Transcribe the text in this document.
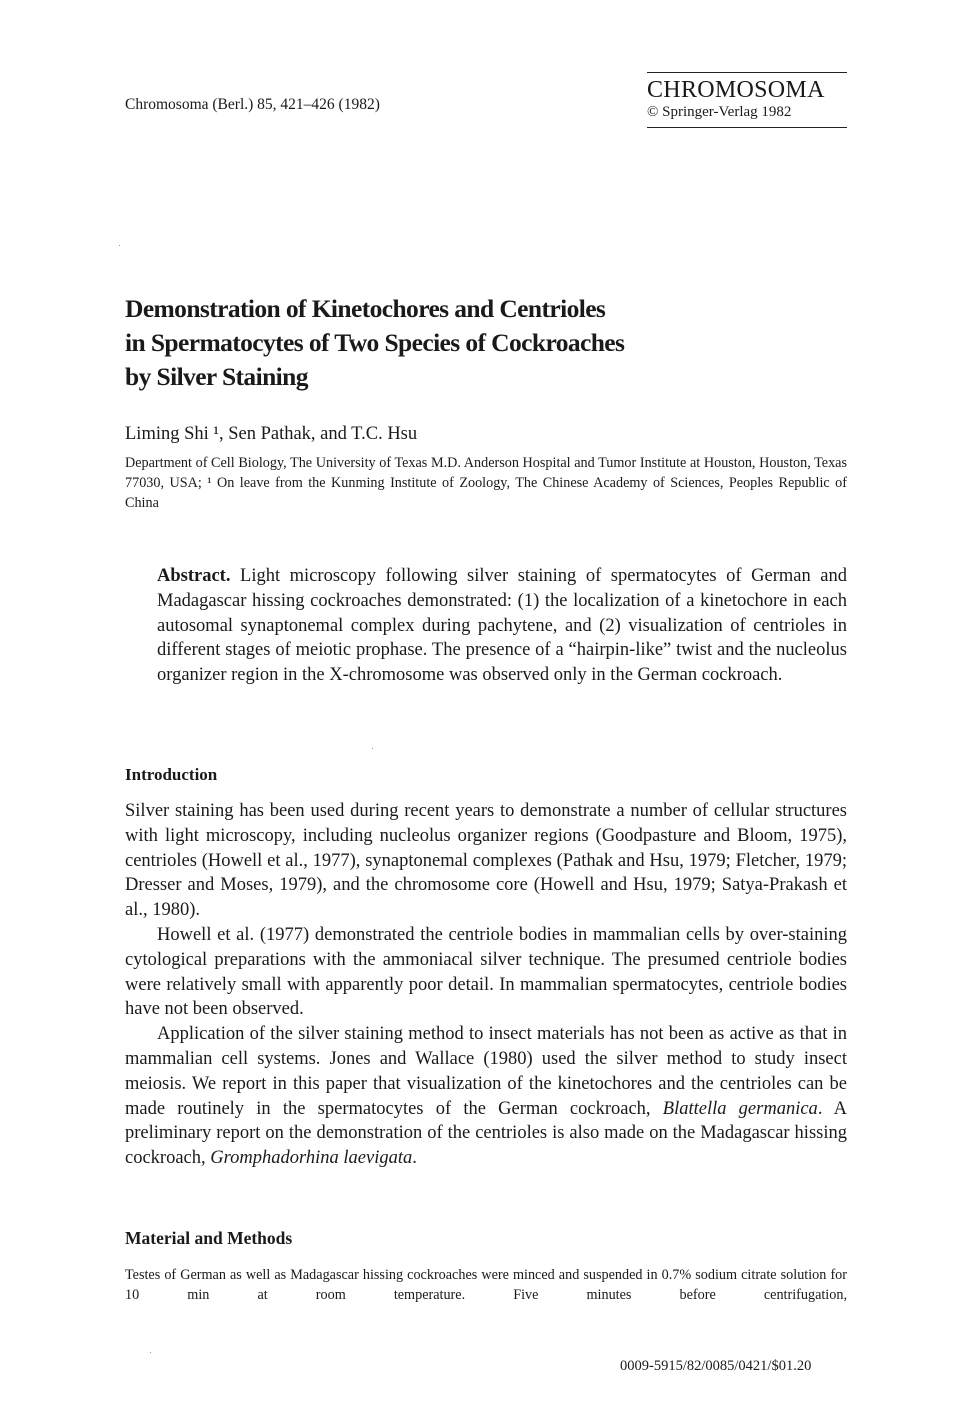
Chromosoma (Berl.) 85, 421–426 (1982)
CHROMOSOMA
© Springer-Verlag 1982
Demonstration of Kinetochores and Centrioles
in Spermatocytes of Two Species of Cockroaches
by Silver Staining
Liming Shi ¹, Sen Pathak, and T.C. Hsu
Department of Cell Biology, The University of Texas M.D. Anderson Hospital and Tumor Institute at Houston, Houston, Texas 77030, USA; ¹ On leave from the Kunming Institute of Zoology, The Chinese Academy of Sciences, Peoples Republic of China
Abstract. Light microscopy following silver staining of spermatocytes of German and Madagascar hissing cockroaches demonstrated: (1) the localization of a kinetochore in each autosomal synaptonemal complex during pachytene, and (2) visualization of centrioles in different stages of meiotic prophase. The presence of a “hairpin-like” twist and the nucleolus organizer region in the X-chromosome was observed only in the German cockroach.
Introduction

Silver staining has been used during recent years to demonstrate a number of cellular structures with light microscopy, including nucleolus organizer regions (Goodpasture and Bloom, 1975), centrioles (Howell et al., 1977), synaptonemal complexes (Pathak and Hsu, 1979; Fletcher, 1979; Dresser and Moses, 1979), and the chromosome core (Howell and Hsu, 1979; Satya-Prakash et al., 1980).

Howell et al. (1977) demonstrated the centriole bodies in mammalian cells by over-staining cytological preparations with the ammoniacal silver technique. The presumed centriole bodies were relatively small with apparently poor detail. In mammalian spermatocytes, centriole bodies have not been observed.

Application of the silver staining method to insect materials has not been as active as that in mammalian cell systems. Jones and Wallace (1980) used the silver method to study insect meiosis. We report in this paper that visualization of the kinetochores and the centrioles can be made routinely in the spermatocytes of the German cockroach, Blattella germanica. A preliminary report on the demonstration of the centrioles is also made on the Madagascar hissing cockroach, Gromphadorhina laevigata.

Material and Methods
Testes of German as well as Madagascar hissing cockroaches were minced and suspended in 0.7% sodium citrate solution for 10 min at room temperature. Five minutes before centrifugation,
0009-5915/82/0085/0421/$01.20
